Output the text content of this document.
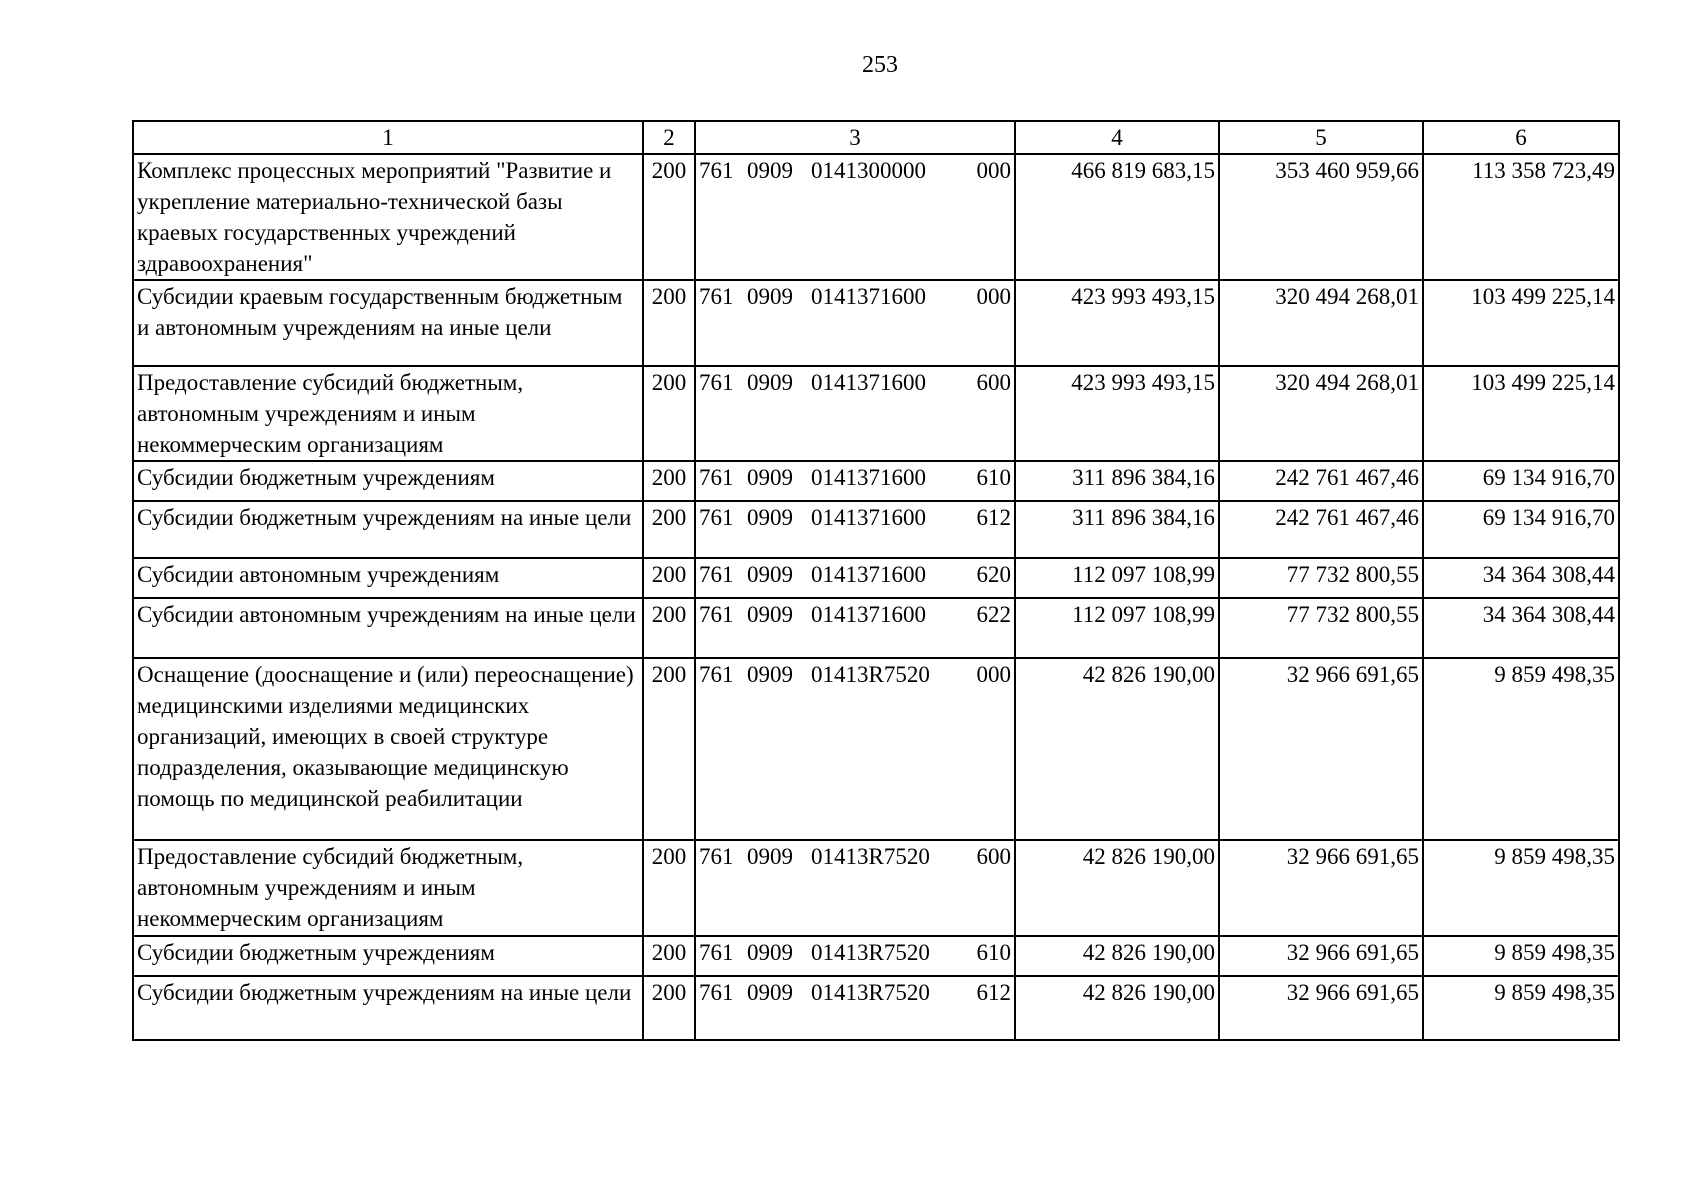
253
1	2	3	4	5	6
Комплекс процессных мероприятий "Развитие и укрепление материально-технической базы краевых государственных учреждений здравоохранения"	200	761 0909 0141300000 000	466 819 683,15	353 460 959,66	113 358 723,49
Субсидии краевым государственным бюджетным и автономным учреждениям на иные цели	200	761 0909 0141371600 000	423 993 493,15	320 494 268,01	103 499 225,14
Предоставление субсидий бюджетным, автономным учреждениям и иным некоммерческим организациям	200	761 0909 0141371600 600	423 993 493,15	320 494 268,01	103 499 225,14
Субсидии бюджетным учреждениям	200	761 0909 0141371600 610	311 896 384,16	242 761 467,46	69 134 916,70
Субсидии бюджетным учреждениям на иные цели	200	761 0909 0141371600 612	311 896 384,16	242 761 467,46	69 134 916,70
Субсидии автономным учреждениям	200	761 0909 0141371600 620	112 097 108,99	77 732 800,55	34 364 308,44
Субсидии автономным учреждениям на иные цели	200	761 0909 0141371600 622	112 097 108,99	77 732 800,55	34 364 308,44
Оснащение (дооснащение и (или) переоснащение) медицинскими изделиями медицинских организаций, имеющих в своей структуре подразделения, оказывающие медицинскую помощь по медицинской реабилитации	200	761 0909 01413R7520 000	42 826 190,00	32 966 691,65	9 859 498,35
Предоставление субсидий бюджетным, автономным учреждениям и иным некоммерческим организациям	200	761 0909 01413R7520 600	42 826 190,00	32 966 691,65	9 859 498,35
Субсидии бюджетным учреждениям	200	761 0909 01413R7520 610	42 826 190,00	32 966 691,65	9 859 498,35
Субсидии бюджетным учреждениям на иные цели	200	761 0909 01413R7520 612	42 826 190,00	32 966 691,65	9 859 498,35
